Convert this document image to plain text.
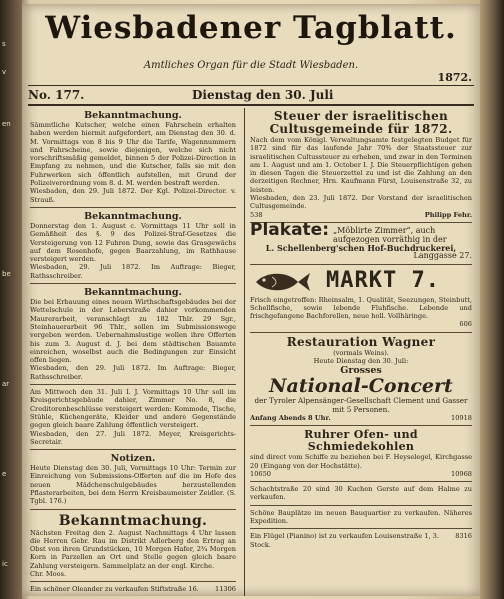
s
v
en
be
ar
e
ic
Wiesbadener Tagblatt.
Amtliches Organ für die Stadt Wiesbaden.
1872.
No. 177.	Dienstag den 30. Juli
Bekanntmachung.

Sämmtliche Kutscher, welche einen Fahrschein erhalten haben werden hiermit aufgefordert, am Dienstag den 30. d. M. Vormittags von 8 bis 9 Uhr die Tarife, Wagennummern und Fahrscheine, sowie diejenigen, welche sich nicht vorschriftsmäßig gemeldet, binnen 5 der Polizei-Direction in Empfang zu nehmen, und die Kutscher, falls sie mit den Fuhrwerken sich öffentlich aufstellen, mit Grund der Polizeiverordnung vom 8. d. M. werden bestraft werden.

Wiesbaden, den 29. Juli 1872. Der Kgl. Polizei-Director. v. Strauß.

Bekanntmachung.

Donnerstag den 1. August c. Vormittags 11 Uhr soll in Gemäßheit des §. 9 des Polizei-Straf-Gesetzes die Versteigerung von 12 Fuhren Dung, sowie das Grasgewächs auf dem Rosenhofe, gegen Baarzahlung, im Rathhause versteigert werden.

Wiesbaden, 29. Juli 1872. Im Auftrage: Bieger, Rathsschreiber.

Bekanntmachung.

Die bei Erbauung eines neuen Wirthschaftsgebäudes bei der Wettelschule in der Leberstraße dahier vorkommenden Maurerarbeit, veranschlagt zu 182 Thlr. 29 Sgr., Steinhauerarbeit 96 Thlr., sollen im Submissionswege vergeben werden. Uebernahmslustige wollen ihre Offerten bis zum 3. August d. J. bei dem städtischen Bauamte einreichen, woselbst auch die Bedingungen zur Einsicht offen liegen.

Wiesbaden, den 29. Juli 1872. Im Auftrage: Bieger, Rathsschreiber.

Am Mittwoch den 31. Juli I. J. Vormittags 10 Uhr soll im Kreisgerichtsgebäude dahier, Zimmer No. 8, die Creditorenbeschlüsse versteigert werden: Kommode, Tische, Stühle, Küchengeräte, Kleider und andere Gegenstände gegen gleich baare Zahlung öffentlich versteigert.

Wiesbaden, den 27. Juli 1872. Meyer, Kreisgerichts-Secretair.

Notizen.

Heute Dienstag den 30. Juli, Vormittags 10 Uhr: Termin zur Einreichung von Submissions-Offerten auf die im Hofe des neuen Mädchenschulgebäudes herzustellenden Pflasterarbeiten, bei dem Herrn Kreisbaumeister Zeidler. (S. Tgbl. 176.)

Bekanntmachung.

Nächsten Freitag den 2. August Nachmittags 4 Uhr lassen die Herren Gebr. Rau im Distrikt Adlerberg den Ertrag an Obst von ihren Grundstücken, 10 Morgen Hafer, 2¾ Morgen Korn in Parzellen an Ort und Stelle gegen gleich baare Zahlung versteigern. Sammelplatz an der engl. Kirche.

Chr. Moos.

Ein schöner Oleander zu verkaufen Stiftstraße 16. 11306
Steuer der israelitischen Cultusgemeinde für 1872.

Nach dem vom Königl. Verwaltungsamte festgelegten Budget für 1872 sind für das laufende Jahr 70% der Staatssteuer zur israelitischen Cultussteuer zu erheben, und zwar in den Terminen am 1. August und am 1. October I. J. Die Steuerpflichtigen gehen in diesen Tagen die Steuerzettel zu und ist die Zahlung an den derzeitigen Rechner, Hrn. Kaufmann Fürst, Louisenstraße 32, zu leisten.

Wiesbaden, den 23. Juli 1872. Der Vorstand der israelitischen Cultusgemeinde.

538	Philipp Fehr.
Plakate: „Möblirte Zimmer“, auch aufgezogen vorräthig in der
L. Schellenberg'schen Hof-Buchdruckerei,
Langgasse 27.
MARKT 7.

Frisch eingetroffen: Rheinsalm, 1. Qualität, Seezungen, Steinbutt, Schellfische, sowie lebende Fluhfische. Lebende und frischgefangene Bachforellen, neue holl. Vollhäringe.

606
Restauration Wagner
(vormals Weins).
Heute Dienstag den 30. Juli:
Grosses
National-Concert

der Tyroler Alpensänger-Gesellschaft Clement und Gasser mit 5 Personen.

Anfang Abends 8 Uhr.	10918
Ruhrer Ofen- und Schmiedekohlen

sind direct vom Schiffe zu beziehen bei F. Heyselegel, Kirchgasse 20 (Eingang von der Hochstätte).

10650	10968

Schachtstraße 20 sind 30 Kuchen Gerste auf dem Halme zu verkaufen.

Schöne Bauplätze im neuen Bauquartier zu verkaufen. Näheres Expedition.

Ein Flügel (Pianino) ist zu verkaufen Louisenstraße 1, 3. Stock.
8316
